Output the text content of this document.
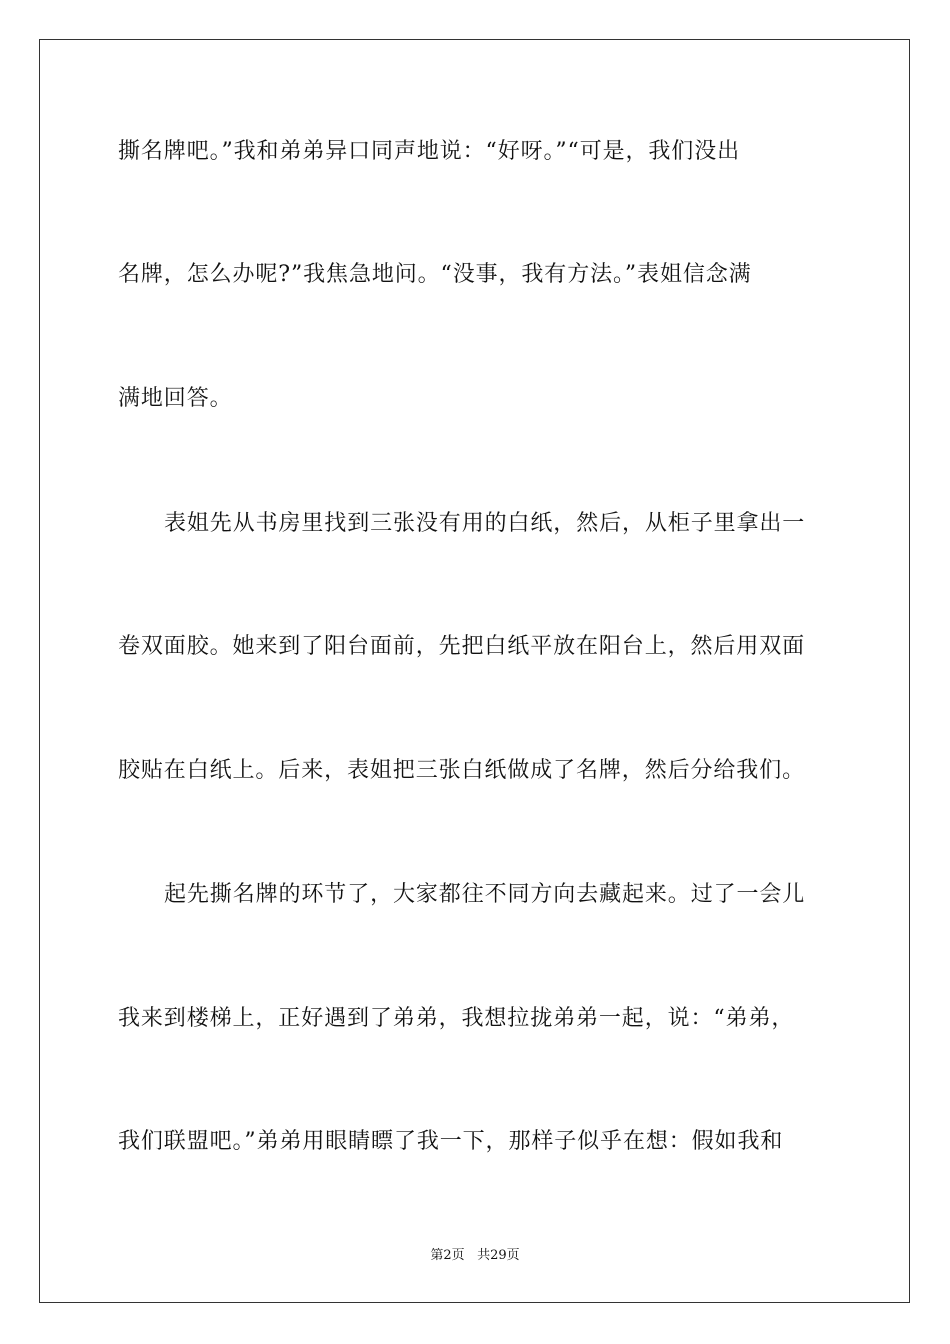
撕名牌吧。”我和弟弟异口同声地说：“好呀。”“可是，我们没出
名牌，怎么办呢?”我焦急地问。“没事，我有方法。”表姐信念满
满地回答。
表姐先从书房里找到三张没有用的白纸，然后，从柜子里拿出一
卷双面胶。她来到了阳台面前，先把白纸平放在阳台上，然后用双面
胶贴在白纸上。后来，表姐把三张白纸做成了名牌，然后分给我们。
起先撕名牌的环节了，大家都往不同方向去藏起来。过了一会儿
我来到楼梯上，正好遇到了弟弟，我想拉拢弟弟一起，说：“弟弟，
我们联盟吧。”弟弟用眼睛瞟了我一下，那样子似乎在想：假如我和
第2页 共29页
